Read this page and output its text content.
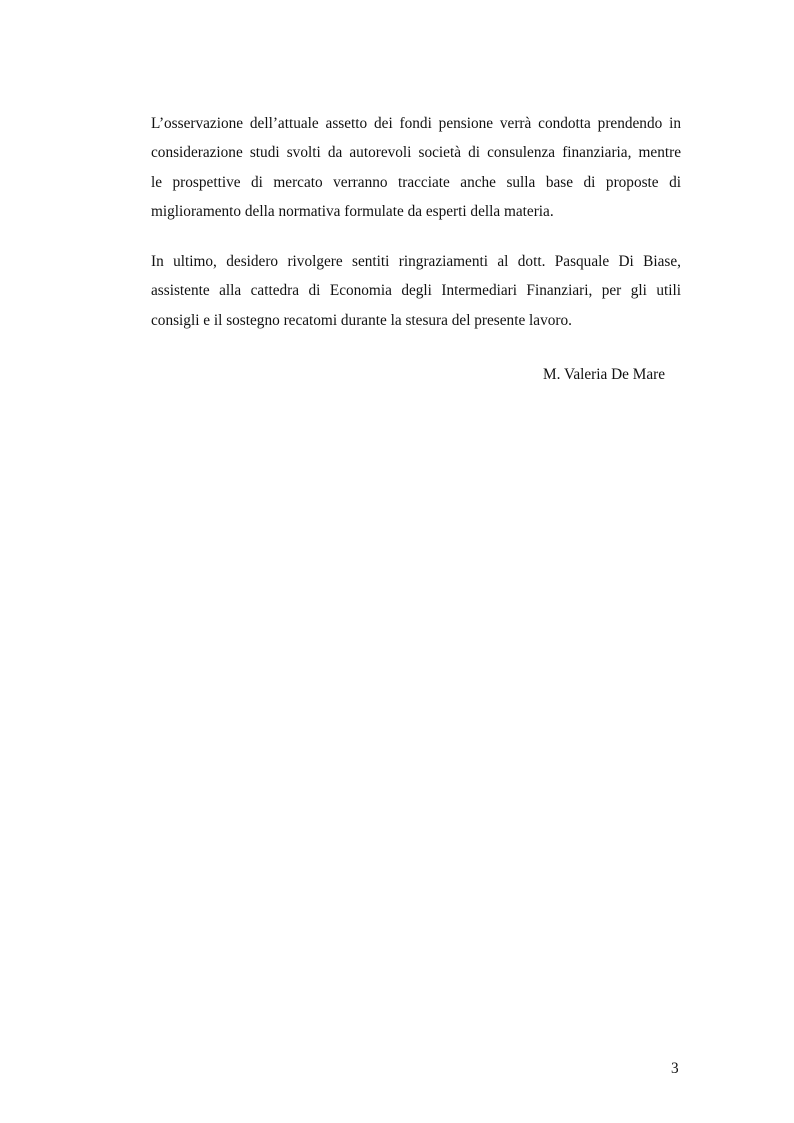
L’osservazione dell’attuale assetto dei fondi pensione verrà condotta prendendo in
considerazione studi svolti da autorevoli società di consulenza finanziaria, mentre
le prospettive di mercato verranno tracciate anche sulla base di proposte di
miglioramento della normativa formulate da esperti della materia.

In ultimo, desidero rivolgere sentiti ringraziamenti al dott. Pasquale Di Biase,
assistente alla cattedra di Economia degli Intermediari Finanziari, per gli utili
consigli e il sostegno recatomi durante la stesura del presente lavoro.

M. Valeria De Mare
3
